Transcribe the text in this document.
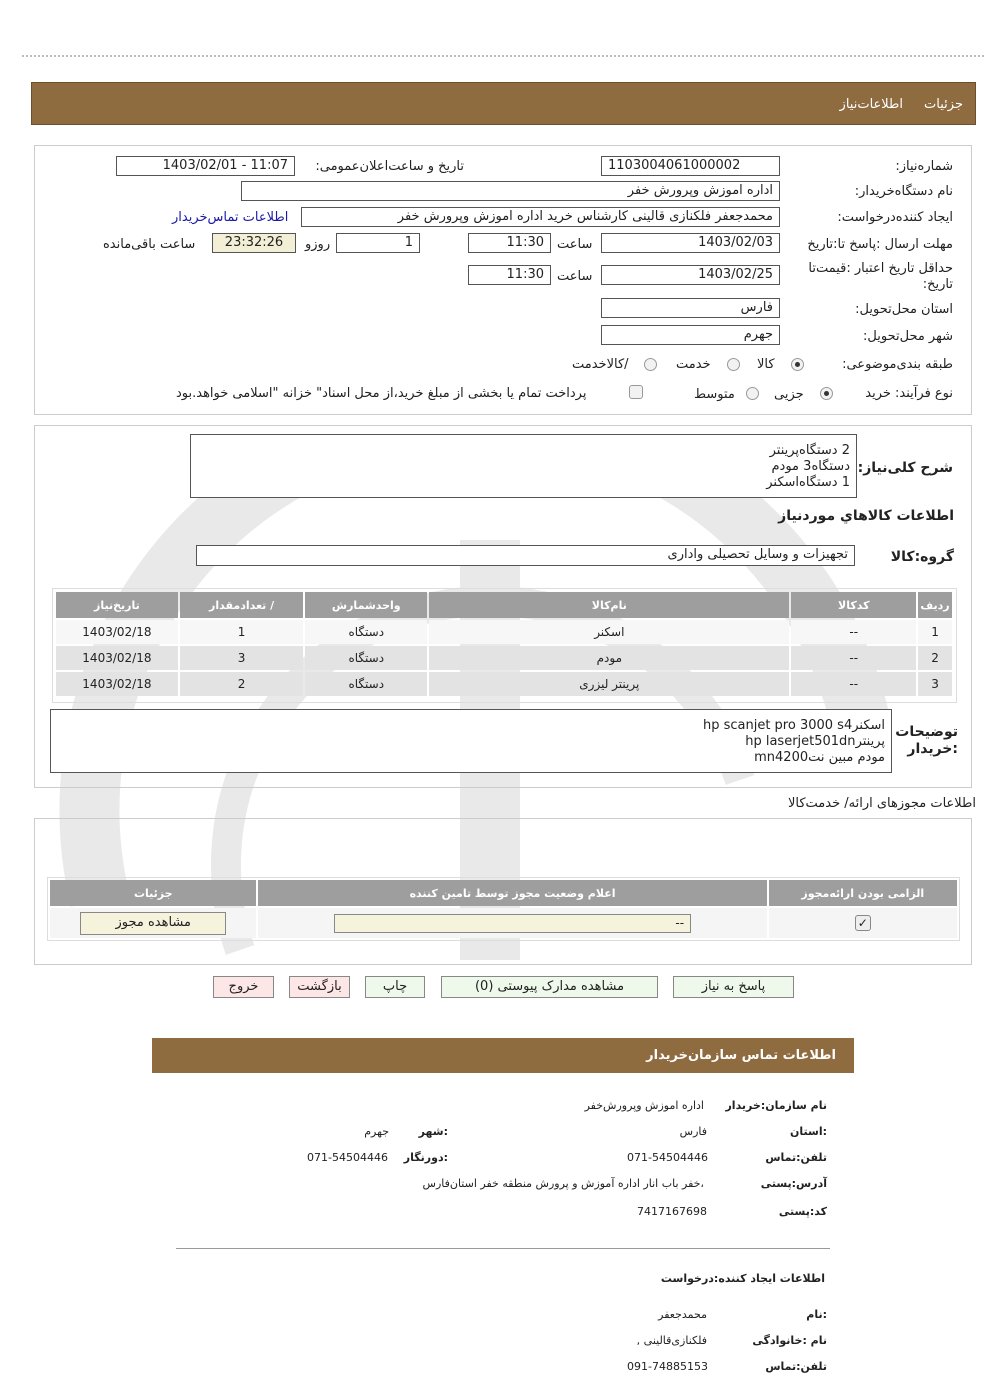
جزئیات
اطلاعات‌نیاز
شماره‌نیاز:
1103004061000002
تاریخ و ساعت‌اعلان‌عمومی:
1403/02/01 - 11:07
نام دستگاه‌خریدار:
اداره اموزش وپرورش خفر
ایجاد کننده‌درخواست:
محمدجعفر فلکنازی قالینی کارشناس خرید اداره اموزش وپرورش خفر
اطلاعات تماس‌خریدار
مهلت ارسال :پاسخ تا‌:تاریخ
1403/02/03
ساعت
11:30
1
روزو
23:32:26
ساعت باقی‌مانده
حداقل تاریخ اعتبار :قیمت‌تا تاریخ:
1403/02/25
ساعت
11:30
استان محل‌تحویل:
فارس
شهر محل‌تحویل:
جهرم
طبقه بندی‌موضوعی:
کالا
خدمت
/کالاخدمت
نوع فرآیند: خرید
جزیی
متوسط
پرداخت تمام یا بخشی از مبلغ خرید،از محل اسناد" خزانه "اسلامی خواهد.بود
شرح کلی‌نیاز:
2 دستگاه‌پرینتر
دستگاه‌3 مودم
1 دستگاه‌اسکنر
اطلاعات کالاهاي موردنیاز
گروه:کالا
تجهیزات و وسایل تحصیلی واداری
ردیف	کدکالا	نام‌کالا	واحدشمارش	/ تعدادمقدار	تاریخ‌نیاز
1	--	اسکنر	دستگاه	1	1403/02/18
2	--	مودم	دستگاه	3	1403/02/18
3	--	پرینتر لیزری	دستگاه	2	1403/02/18
توضیحات :خریدار
اسکنرhp scanjet pro 3000 s4
پرینترhp laserjet501dn
مودم مبین نت‌mn4200
اطلاعات مجوزهای ارائه/ خدمت‌کالا
الزامی بودن ارائه‌مجوز	اعلام وضعیت مجوز توسط تامین کننده	جزئیات
✓	--	مشاهده مجوز
پاسخ به نیاز
مشاهده مدارک پیوستی (0)
چاپ
بازگشت
خروج
اطلاعات تماس سازمان‌خریدار
نام سازمان:خریدار
اداره اموزش وپرورش‌خفر
:استان
فارس
:شهر
جهرم
تلفن:تماس
071-54504446
:دورنگار
071-54504446
آدرس:پستی
،خفر باب انار اداره آموزش و پرورش منطقه خفر استان‌فارس
کد:پستی
7417167698
اطلاعات ایجاد کننده:درخواست
:نام
محمدجعفر
نام :خانوادگی
فلکنازی‌قالینی ,
تلفن:تماس
091-74885153
